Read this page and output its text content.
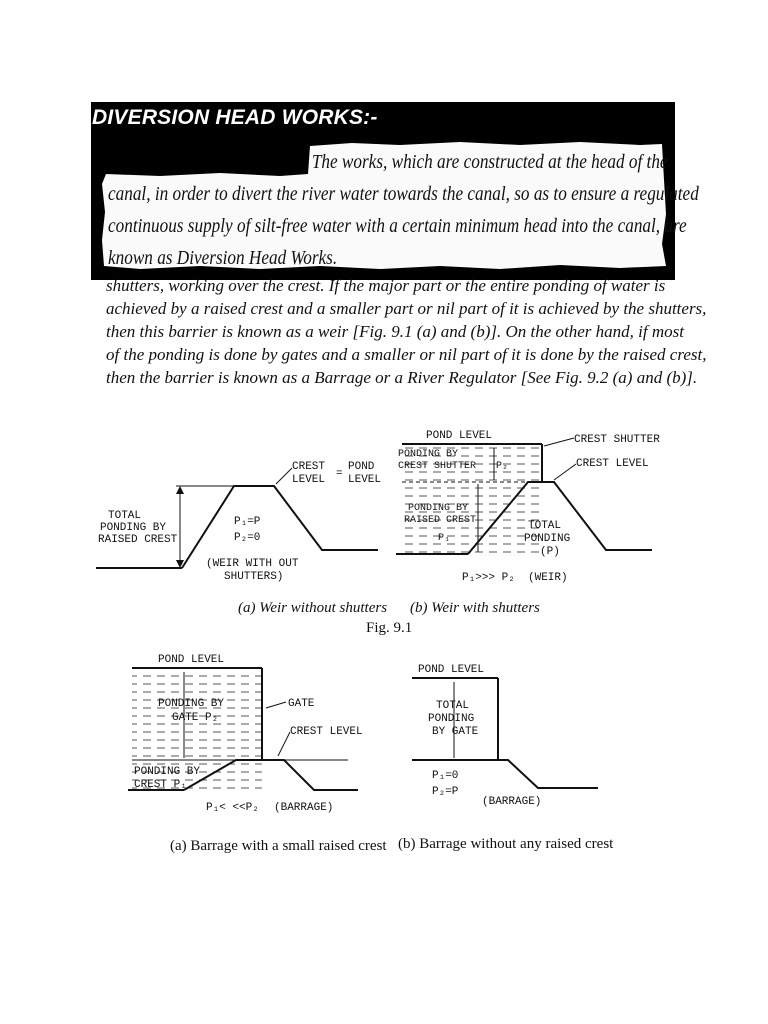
DIVERSION HEAD WORKS:-
The works, which are constructed at the head of the
canal, in order to divert the river water towards the canal, so as to ensure a regulated
continuous supply of silt-free water with a certain minimum head into the canal, are
known as Diversion Head Works.
shutters, working over the crest. If the major part or the entire ponding of water is
achieved by a raised crest and a smaller part or nil part of it is achieved by the shutters,
then this barrier is known as a weir [Fig. 9.1 (a) and (b)]. On the other hand, if most
of the ponding is done by gates and a smaller or nil part of it is done by the raised crest,
then the barrier is known as a Barrage or a River Regulator [See Fig. 9.2 (a) and (b)].
CREST
LEVEL =
POND
LEVEL
TOTAL
PONDING BY
RAISED CREST
P₁=P
P₂=0
(WEIR WITH OUT
SHUTTERS)
POND LEVEL	CREST SHUTTER
CREST LEVEL
PONDING BY
CREST SHUTTER P₂
PONDING BY
RAISED CREST
P₁
TOTAL
PONDING
(P)
P₁>>> P₂ (WEIR)
(a) Weir without shutters (b) Weir with shutters
Fig. 9.1
POND LEVEL
PONDING BY
GATE P₂
GATE
CREST LEVEL
PONDING BY
CREST P₁
P₁< <<P₂ (BARRAGE)
POND LEVEL
TOTAL
PONDING
BY GATE
P₁=0
P₂=P
(BARRAGE)
(a) Barrage with a small raised crest (b) Barrage without any raised crest
